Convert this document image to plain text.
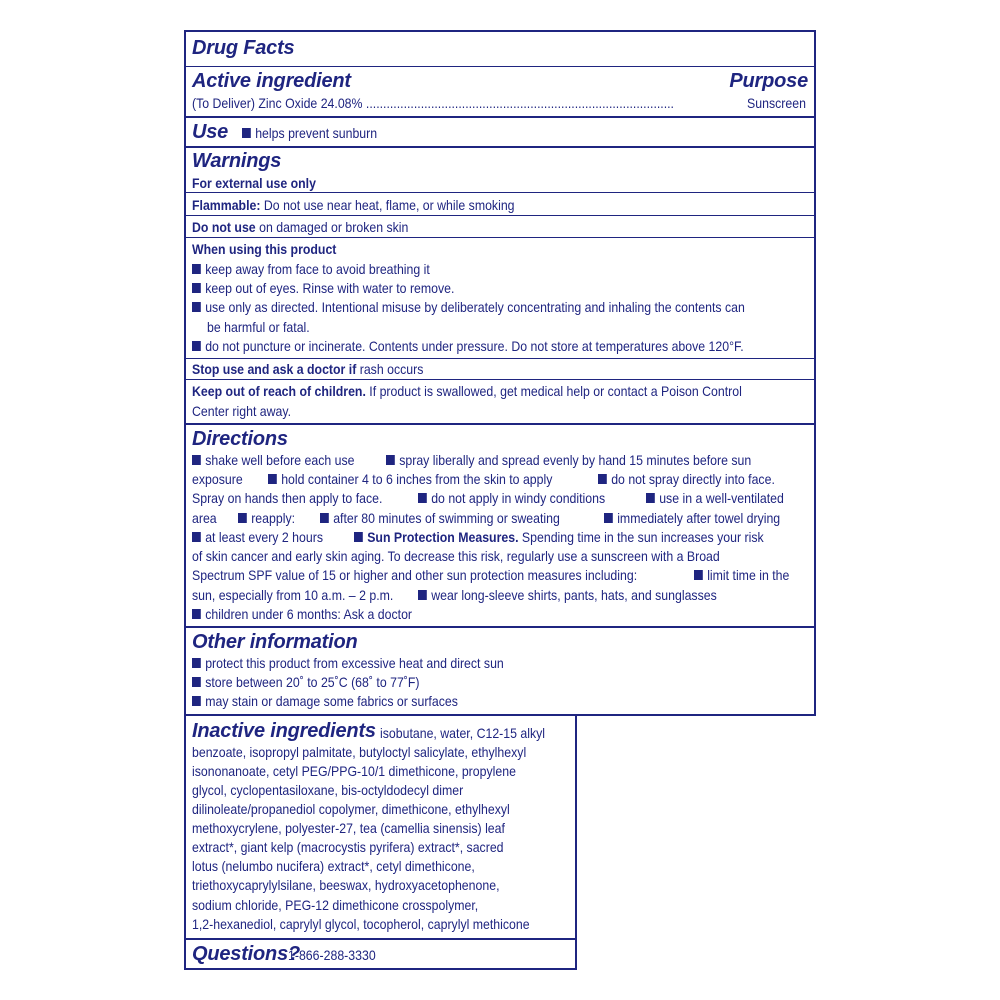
Drug Facts
Active ingredient	Purpose
(To Deliver) Zinc Oxide 24.08% ..........................................................................................	Sunscreen
Use	helps prevent sunburn
Warnings
For external use only
Flammable: Do not use near heat, flame, or while smoking
Do not use on damaged or broken skin
When using this product
keep away from face to avoid breathing it
keep out of eyes. Rinse with water to remove.
use only as directed. Intentional misuse by deliberately concentrating and inhaling the contents can
be harmful or fatal.
do not puncture or incinerate. Contents under pressure. Do not store at temperatures above 120°F.
Stop use and ask a doctor if rash occurs
Keep out of reach of children. If product is swallowed, get medical help or contact a Poison Control
Center right away.
Directions
shake well before each use	spray liberally and spread evenly by hand 15 minutes before sun
exposure	hold container 4 to 6 inches from the skin to apply	do not spray directly into face.
Spray on hands then apply to face.	do not apply in windy conditions	use in a well-ventilated
area	reapply:	after 80 minutes of swimming or sweating	immediately after towel drying
at least every 2 hours	Sun Protection Measures. Spending time in the sun increases your risk
of skin cancer and early skin aging. To decrease this risk, regularly use a sunscreen with a Broad
Spectrum SPF value of 15 or higher and other sun protection measures including:	limit time in the
sun, especially from 10 a.m. – 2 p.m.	wear long-sleeve shirts, pants, hats, and sunglasses
children under 6 months: Ask a doctor
Other information
protect this product from excessive heat and direct sun
store between 20˚ to 25˚C (68˚ to 77˚F)
may stain or damage some fabrics or surfaces
Inactive ingredients isobutane, water, C12-15 alkyl
benzoate, isopropyl palmitate, butyloctyl salicylate, ethylhexyl
isononanoate, cetyl PEG/PPG-10/1 dimethicone, propylene
glycol, cyclopentasiloxane, bis-octyldodecyl dimer
dilinoleate/propanediol copolymer, dimethicone, ethylhexyl
methoxycrylene, polyester-27, tea (camellia sinensis) leaf
extract*, giant kelp (macrocystis pyrifera) extract*, sacred
lotus (nelumbo nucifera) extract*, cetyl dimethicone,
triethoxycaprylylsilane, beeswax, hydroxyacetophenone,
sodium chloride, PEG-12 dimethicone crosspolymer,
1,2-hexanediol, caprylyl glycol, tocopherol, caprylyl methicone
Questions?
1-866-288-3330
